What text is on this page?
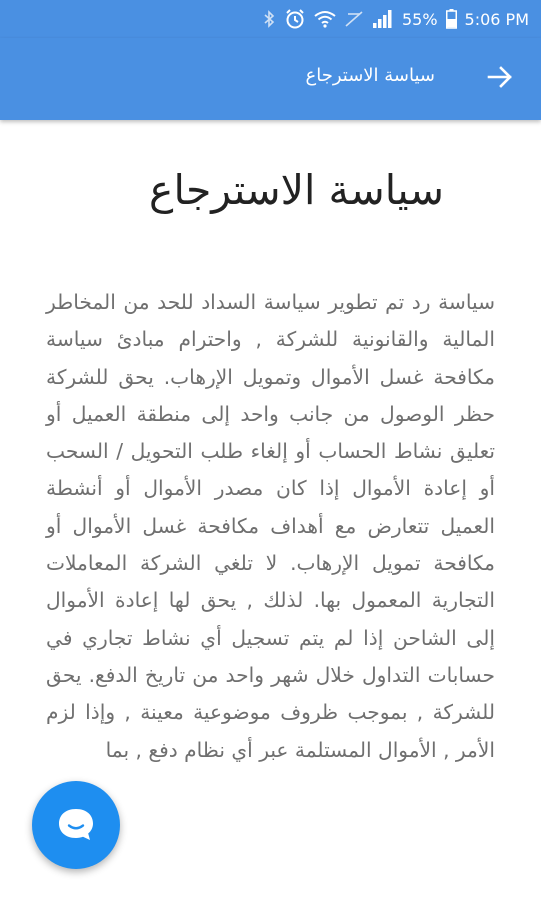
55% 5:06 PM
سياسة الاسترجاع
سياسة الاسترجاع

سياسة رد تم تطوير سياسة السداد للحد من المخاطر المالية والقانونية للشركة , واحترام مبادئ سياسة مكافحة غسل الأموال وتمويل الإرهاب. يحق للشركة حظر الوصول من جانب واحد إلى منطقة العميل أو تعليق نشاط الحساب أو إلغاء طلب التحويل / السحب أو إعادة الأموال إذا كان مصدر الأموال أو أنشطة العميل تتعارض مع أهداف مكافحة غسل الأموال أو مكافحة تمويل الإرهاب. لا تلغي الشركة المعاملات التجارية المعمول بها. لذلك , يحق لها إعادة الأموال إلى الشاحن إذا لم يتم تسجيل أي نشاط تجاري في حسابات التداول خلال شهر واحد من تاريخ الدفع. يحق للشركة , بموجب ظروف موضوعية معينة , وإذا لزم الأمر , الأموال المستلمة عبر أي نظام دفع , بما
